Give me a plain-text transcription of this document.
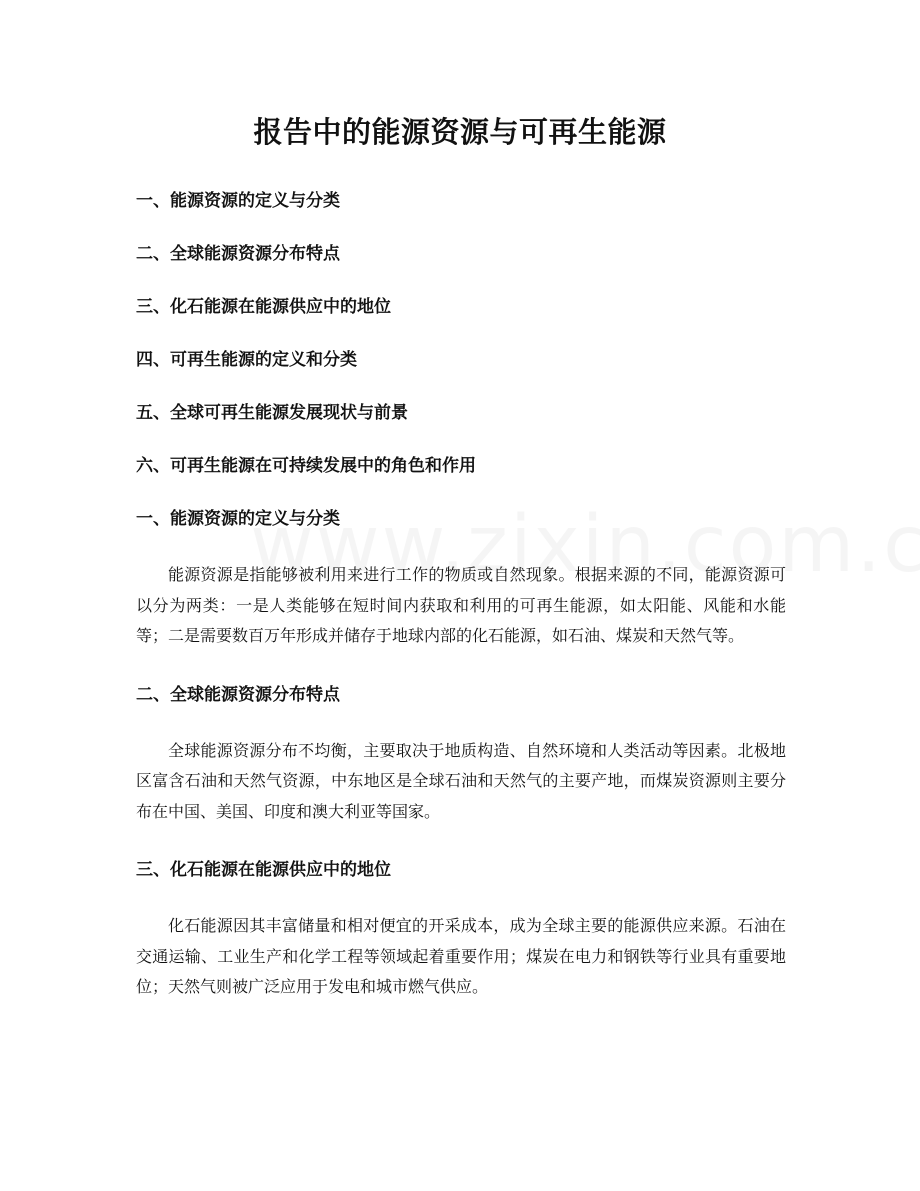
报告中的能源资源与可再生能源
一、能源资源的定义与分类
二、全球能源资源分布特点
三、化石能源在能源供应中的地位
四、可再生能源的定义和分类
五、全球可再生能源发展现状与前景
六、可再生能源在可持续发展中的角色和作用
一、能源资源的定义与分类

能源资源是指能够被利用来进行工作的物质或自然现象。根据来源的不同，能源资源可以分为两类：一是人类能够在短时间内获取和利用的可再生能源，如太阳能、风能和水能等；二是需要数百万年形成并储存于地球内部的化石能源，如石油、煤炭和天然气等。

二、全球能源资源分布特点

全球能源资源分布不均衡，主要取决于地质构造、自然环境和人类活动等因素。北极地区富含石油和天然气资源，中东地区是全球石油和天然气的主要产地，而煤炭资源则主要分布在中国、美国、印度和澳大利亚等国家。

三、化石能源在能源供应中的地位

化石能源因其丰富储量和相对便宜的开采成本，成为全球主要的能源供应来源。石油在交通运输、工业生产和化学工程等领域起着重要作用；煤炭在电力和钢铁等行业具有重要地位；天然气则被广泛应用于发电和城市燃气供应。
